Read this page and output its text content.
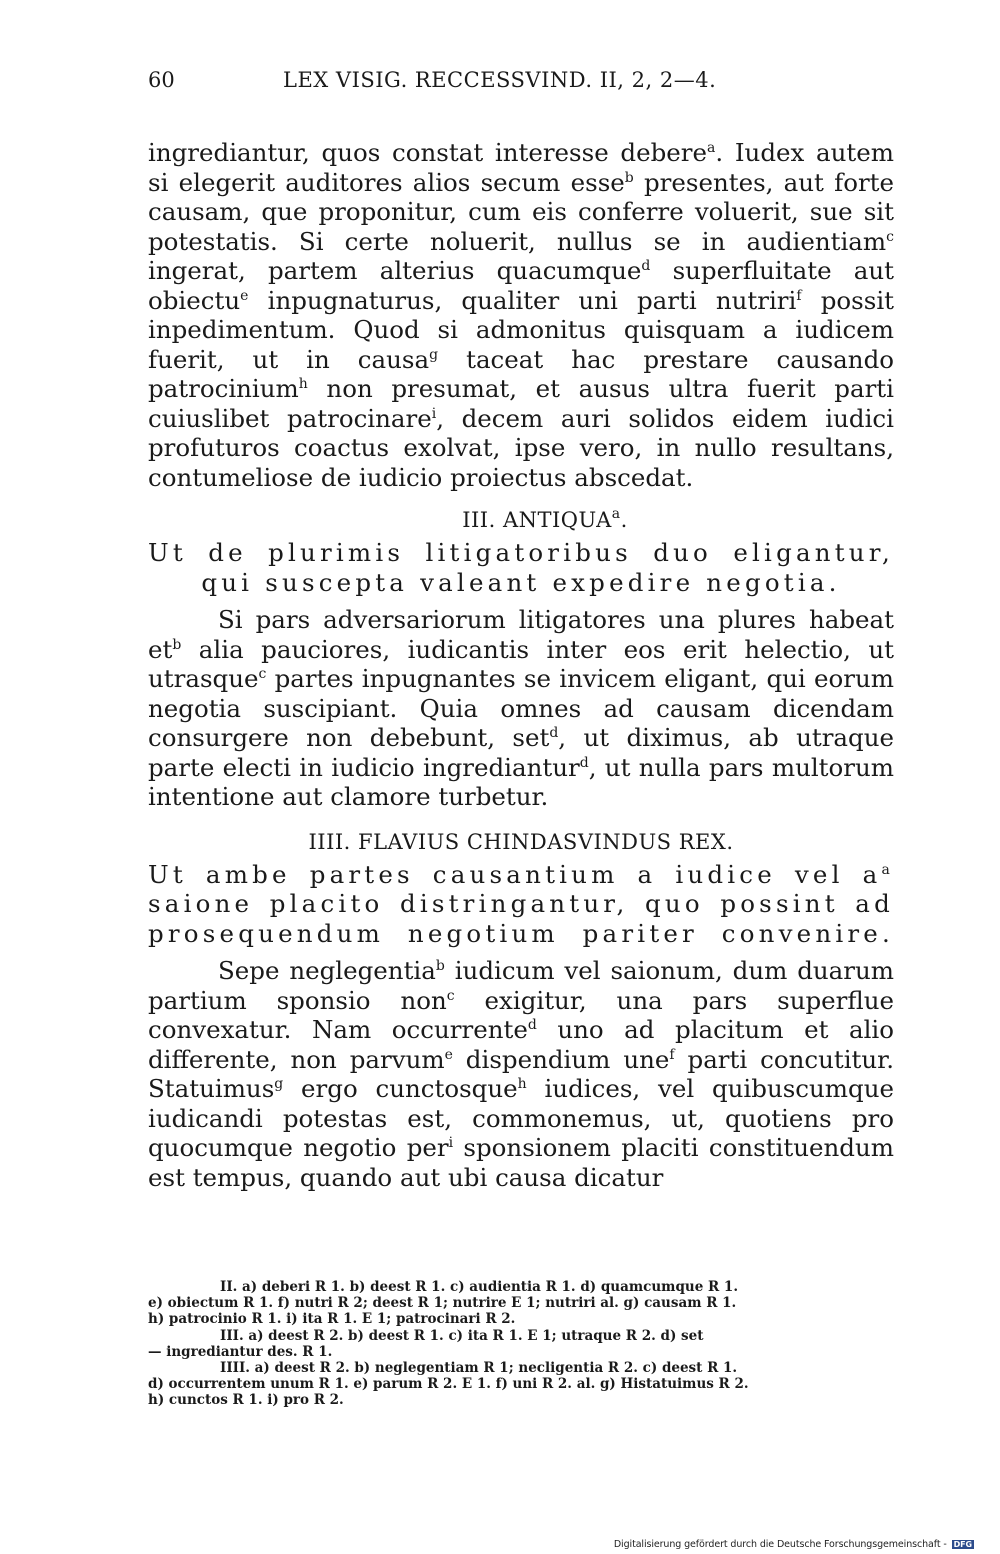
60	LEX VISIG. RECCESSVIND. II, 2, 2—4.

ingrediantur, quos constat interesse debere$^a$. Iudex autem si elegerit auditores alios secum esse$^b$ presentes, aut forte causam, que proponitur, cum eis conferre voluerit, sue sit potestatis. Si certe noluerit, nullus se in audientiam$^c$ ingerat, partem alterius quacumque$^d$ superfluitate aut obiectu$^e$ inpugnaturus, qualiter uni parti nutriri$^f$ possit inpedimentum. Quod si admonitus quisquam a iudicem fuerit, ut in causa$^g$ taceat hac prestare causando patrocinium$^h$ non presumat, et ausus ultra fuerit parti cuiuslibet patrocinare$^i$, decem auri solidos eidem iudici profuturos coactus exolvat, ipse vero, in nullo resultans, contumeliose de iudicio proiectus abscedat.

III. ANTIQUA$^a$.

Ut de plurimis litigatoribus duo eligantur,
qui suscepta valeant expedire negotia.

Si pars adversariorum litigatores una plures habeat $et^b$ alia pauciores, iudicantis inter eos erit helectio, ut utrasque$^c$ partes inpugnantes se invicem eligant, qui eorum negotia suscipiant. Quia omnes ad causam dicendam consurgere non debebunt, set$^d$, ut diximus, ab utraque parte electi in iudicio ingrediantur$^d$, ut nulla pars multorum intentione aut clamore turbetur.

IIII. FLAVIUS CHINDASVINDUS REX.

Ut ambe partes causantium a iudice vel $a^a$
saione placito distringantur, quo possint ad
prosequendum negotium pariter convenire.

Sepe neglegentia$^b$ iudicum vel saionum, dum duarum partium sponsio non$^c$ exigitur, una pars superflue convexatur. Nam occurrente$^d$ uno ad placitum et alio differente, non parvum$^e$ dispendium une$^f$ parti concutitur. Statuimus$^g$ ergo cunctosque$^h$ iudices, vel quibuscumque iudicandi potestas est, commonemus, ut, quotiens pro quocumque negotio per$^i$ sponsionem placiti constituendum est tempus, quando aut ubi causa dicatur

II. a) deberi R 1. b) deest R 1. c) audientia R 1. d) quamcumque R 1.

e) obiectum R 1. f) nutri R 2; deest R 1; nutrire E 1; nutriri al. g) causam R 1.

h) patrocinio R 1. i) ita R 1. E 1; patrocinari R 2.

III. a) deest R 2. b) deest R 1. c) ita R 1. E 1; utraque R 2. d) set

— ingrediantur des. R 1.

IIII. a) deest R 2. b) neglegentiam R 1; necligentia R 2. c) deest R 1.

d) occurrentem unum R 1. e) parum R 2. E 1. f) uni R 2. al. g) Histatuimus R 2.

h) cunctos R 1. i) pro R 2.

Digitalisierung gefördert durch die Deutsche Forschungsgemeinschaft - DFG
